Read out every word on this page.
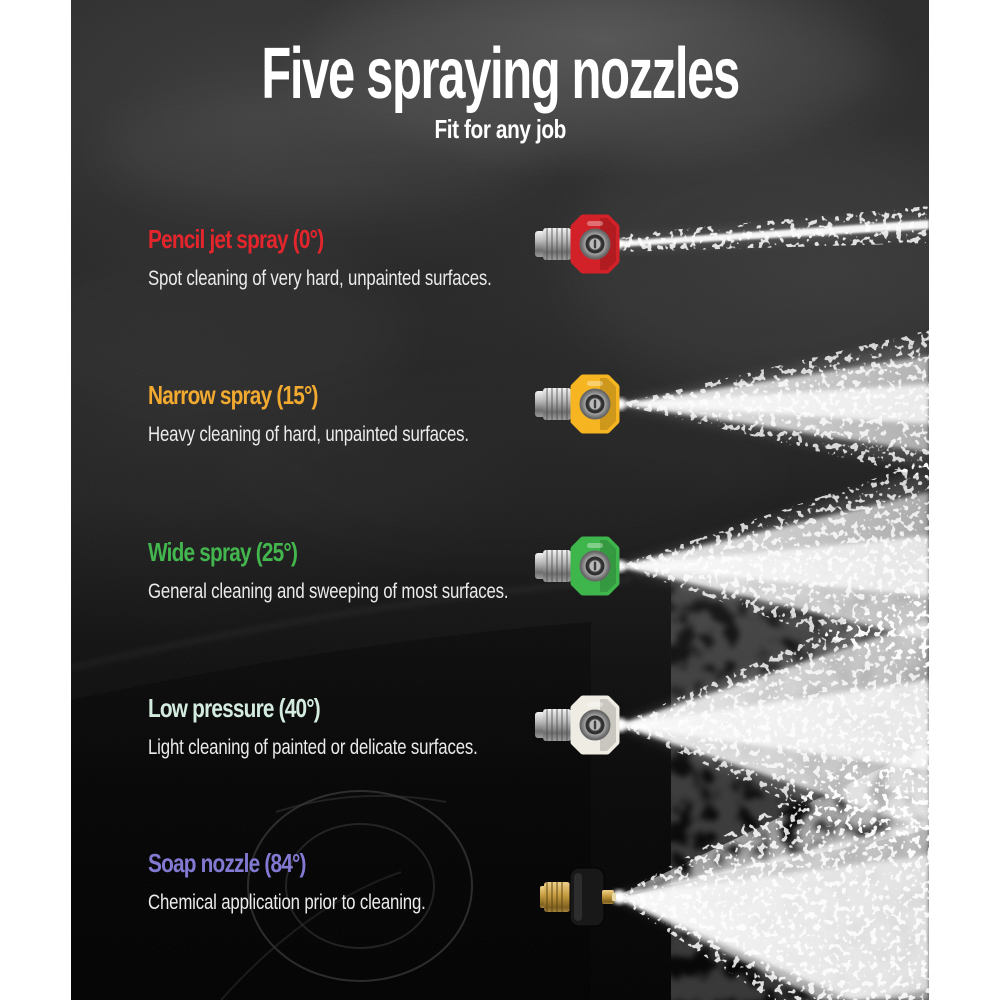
Five spraying nozzles

Fit for any job

Pencil jet spray (0°)

Spot cleaning of very hard, unpainted surfaces.

Narrow spray (15°)

Heavy cleaning of hard, unpainted surfaces.

Wide spray (25°)

General cleaning and sweeping of most surfaces.

Low pressure (40°)

Light cleaning of painted or delicate surfaces.

Soap nozzle (84°)

Chemical application prior to cleaning.
